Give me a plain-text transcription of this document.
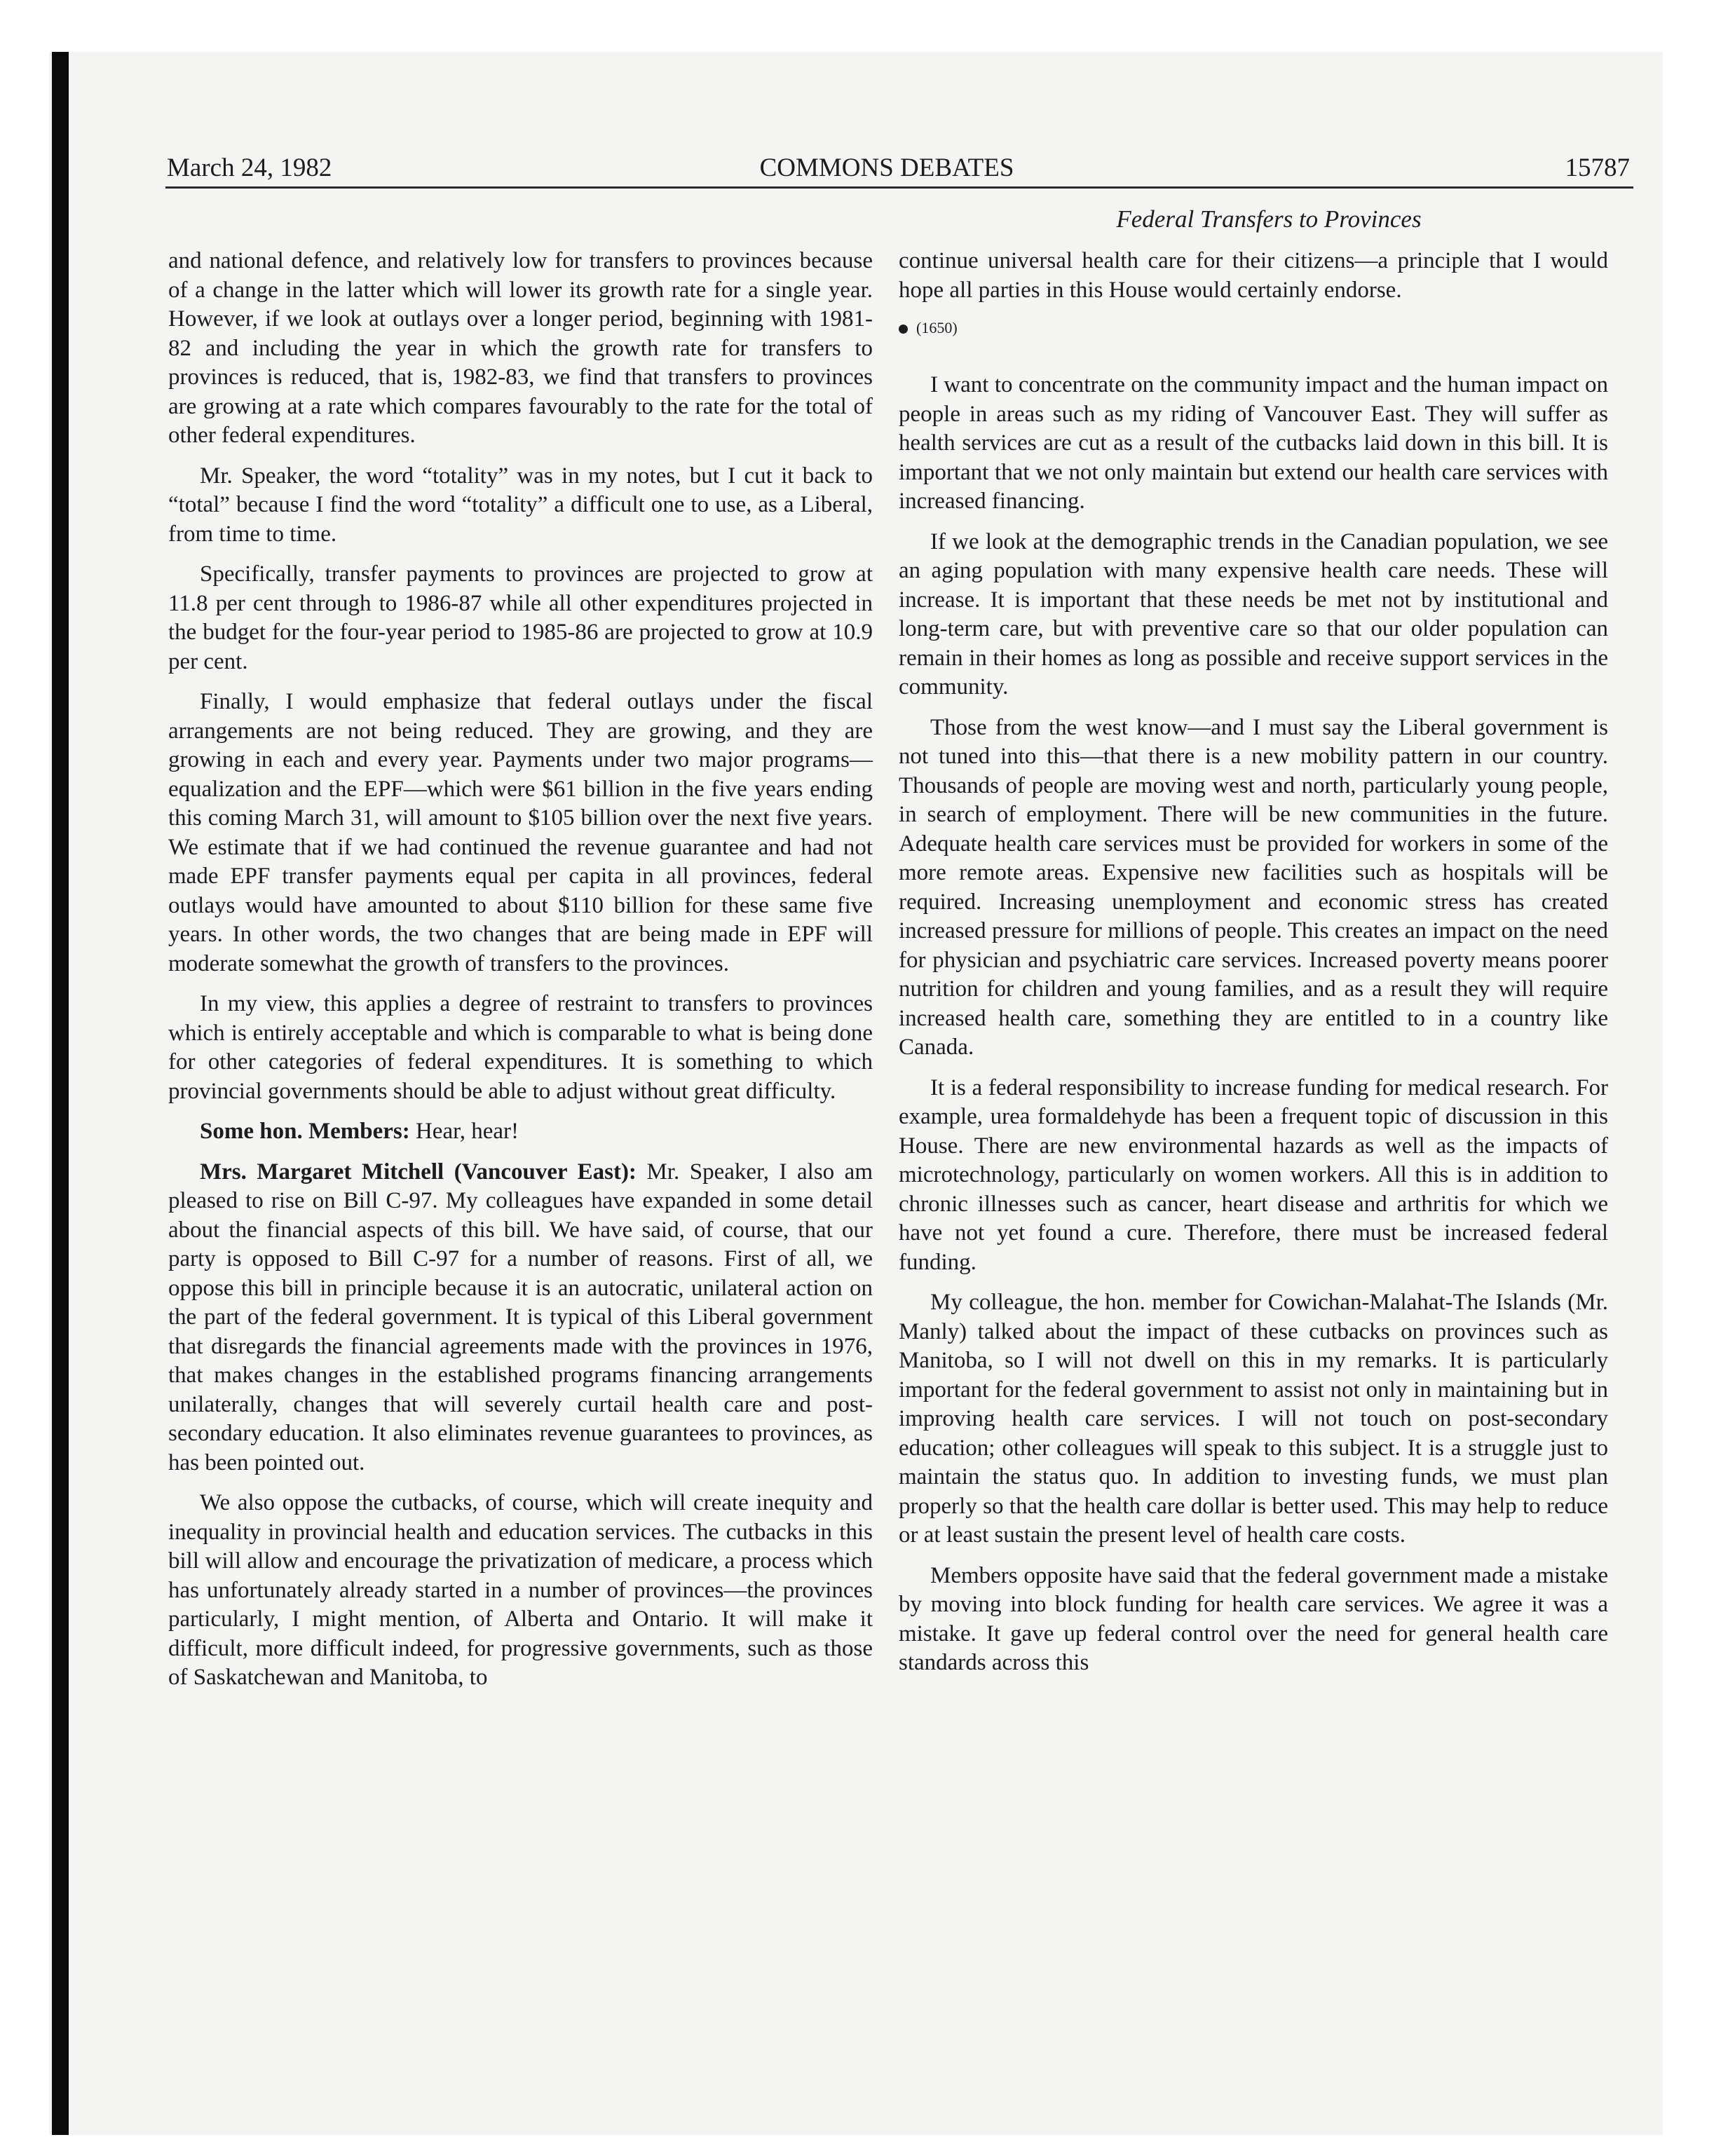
March 24, 1982	COMMONS DEBATES	15787
Federal Transfers to Provinces

and national defence, and relatively low for transfers to provinces because of a change in the latter which will lower its growth rate for a single year. However, if we look at outlays over a longer period, beginning with 1981-82 and including the year in which the growth rate for transfers to provinces is reduced, that is, 1982-83, we find that transfers to provinces are growing at a rate which compares favourably to the rate for the total of other federal expenditures.

Mr. Speaker, the word “totality” was in my notes, but I cut it back to “total” because I find the word “totality” a difficult one to use, as a Liberal, from time to time.

Specifically, transfer payments to provinces are projected to grow at 11.8 per cent through to 1986-87 while all other expenditures projected in the budget for the four-year period to 1985-86 are projected to grow at 10.9 per cent.

Finally, I would emphasize that federal outlays under the fiscal arrangements are not being reduced. They are growing, and they are growing in each and every year. Payments under two major programs—equalization and the EPF—which were $61 billion in the five years ending this coming March 31, will amount to $105 billion over the next five years. We estimate that if we had continued the revenue guarantee and had not made EPF transfer payments equal per capita in all provinces, federal outlays would have amounted to about $110 billion for these same five years. In other words, the two changes that are being made in EPF will moderate somewhat the growth of transfers to the provinces.

In my view, this applies a degree of restraint to transfers to provinces which is entirely acceptable and which is comparable to what is being done for other categories of federal expenditures. It is something to which provincial governments should be able to adjust without great difficulty.

Some hon. Members: Hear, hear!

Mrs. Margaret Mitchell (Vancouver East): Mr. Speaker, I also am pleased to rise on Bill C-97. My colleagues have expanded in some detail about the financial aspects of this bill. We have said, of course, that our party is opposed to Bill C-97 for a number of reasons. First of all, we oppose this bill in principle because it is an autocratic, unilateral action on the part of the federal government. It is typical of this Liberal government that disregards the financial agreements made with the provinces in 1976, that makes changes in the established programs financing arrangements unilaterally, changes that will severely curtail health care and post-secondary education. It also eliminates revenue guarantees to provinces, as has been pointed out.

We also oppose the cutbacks, of course, which will create inequity and inequality in provincial health and education services. The cutbacks in this bill will allow and encourage the privatization of medicare, a process which has unfortunately already started in a number of provinces—the provinces particularly, I might mention, of Alberta and Ontario. It will make it difficult, more difficult indeed, for progressive governments, such as those of Saskatchewan and Manitoba, to

continue universal health care for their citizens—a principle that I would hope all parties in this House would certainly endorse.

(1650)

I want to concentrate on the community impact and the human impact on people in areas such as my riding of Vancouver East. They will suffer as health services are cut as a result of the cutbacks laid down in this bill. It is important that we not only maintain but extend our health care services with increased financing.

If we look at the demographic trends in the Canadian population, we see an aging population with many expensive health care needs. These will increase. It is important that these needs be met not by institutional and long-term care, but with preventive care so that our older population can remain in their homes as long as possible and receive support services in the community.

Those from the west know—and I must say the Liberal government is not tuned into this—that there is a new mobility pattern in our country. Thousands of people are moving west and north, particularly young people, in search of employment. There will be new communities in the future. Adequate health care services must be provided for workers in some of the more remote areas. Expensive new facilities such as hospitals will be required. Increasing unemployment and economic stress has created increased pressure for millions of people. This creates an impact on the need for physician and psychiatric care services. Increased poverty means poorer nutrition for children and young families, and as a result they will require increased health care, something they are entitled to in a country like Canada.

It is a federal responsibility to increase funding for medical research. For example, urea formaldehyde has been a frequent topic of discussion in this House. There are new environmental hazards as well as the impacts of microtechnology, particularly on women workers. All this is in addition to chronic illnesses such as cancer, heart disease and arthritis for which we have not yet found a cure. Therefore, there must be increased federal funding.

My colleague, the hon. member for Cowichan-Malahat-The Islands (Mr. Manly) talked about the impact of these cutbacks on provinces such as Manitoba, so I will not dwell on this in my remarks. It is particularly important for the federal government to assist not only in maintaining but in improving health care services. I will not touch on post-secondary education; other colleagues will speak to this subject. It is a struggle just to maintain the status quo. In addition to investing funds, we must plan properly so that the health care dollar is better used. This may help to reduce or at least sustain the present level of health care costs.

Members opposite have said that the federal government made a mistake by moving into block funding for health care services. We agree it was a mistake. It gave up federal control over the need for general health care standards across this
